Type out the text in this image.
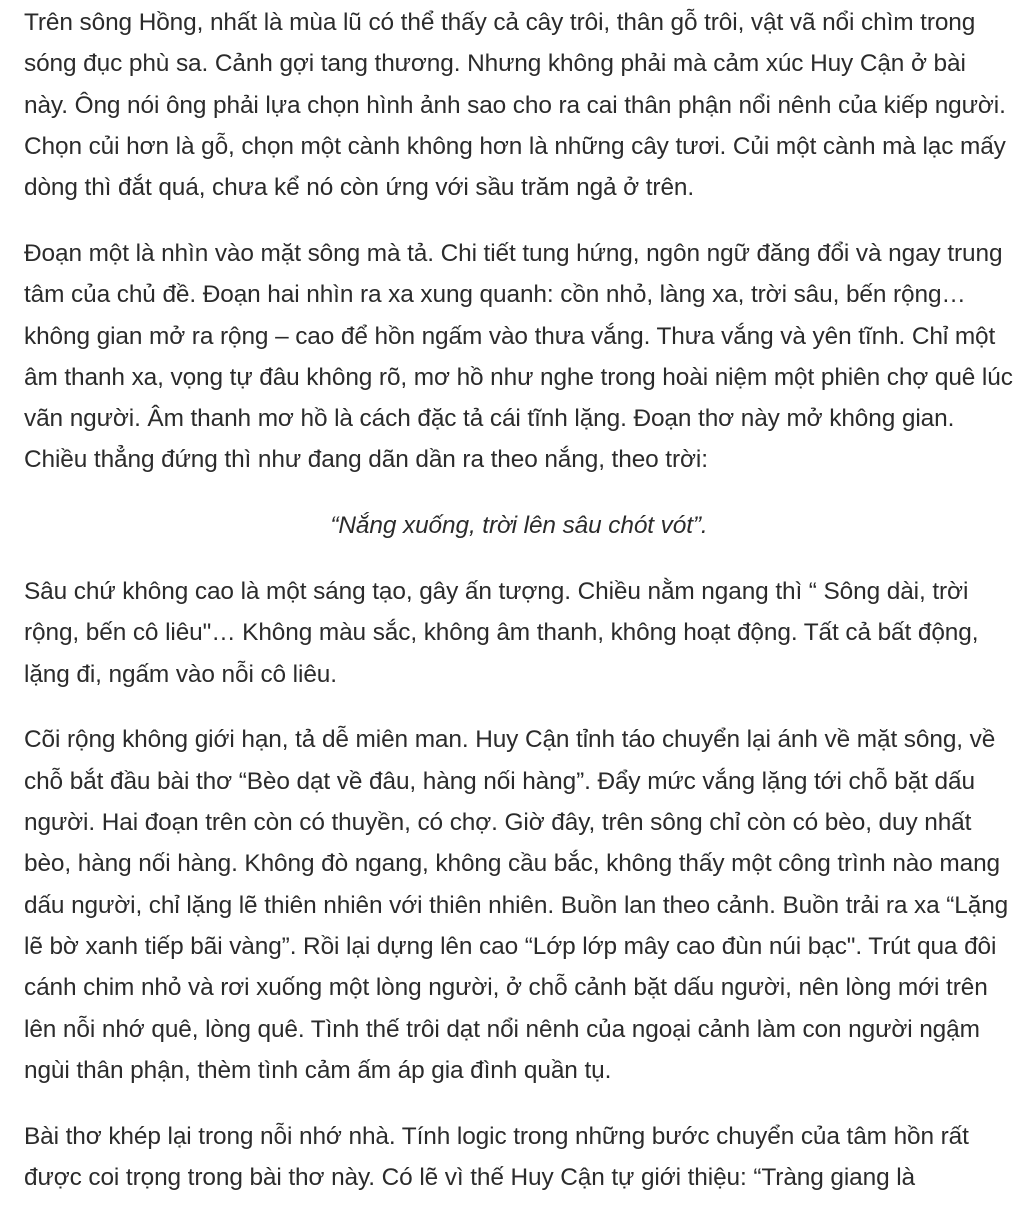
Trên sông Hồng, nhất là mùa lũ có thể thấy cả cây trôi, thân gỗ trôi, vật vã nổi chìm trong sóng đục phù sa. Cảnh gợi tang thương. Nhưng không phải mà cảm xúc Huy Cận ở bài này. Ông nói ông phải lựa chọn hình ảnh sao cho ra cai thân phận nổi nênh của kiếp người. Chọn củi hơn là gỗ, chọn một cành không hơn là những cây tươi. Củi một cành mà lạc mấy dòng thì đắt quá, chưa kể nó còn ứng với sầu trăm ngả ở trên.

Đoạn một là nhìn vào mặt sông mà tả. Chi tiết tung hứng, ngôn ngữ đăng đổi và ngay trung tâm của chủ đề. Đoạn hai nhìn ra xa xung quanh: cồn nhỏ, làng xa, trời sâu, bến rộng… không gian mở ra rộng – cao để hồn ngấm vào thưa vắng. Thưa vắng và yên tĩnh. Chỉ một âm thanh xa, vọng tự đâu không rõ, mơ hồ như nghe trong hoài niệm một phiên chợ quê lúc vãn người. Âm thanh mơ hồ là cách đặc tả cái tĩnh lặng. Đoạn thơ này mở không gian. Chiều thẳng đứng thì như đang dãn dần ra theo nắng, theo trời:

“Nắng xuống, trời lên sâu chót vót”.

Sâu chứ không cao là một sáng tạo, gây ấn tượng. Chiều nằm ngang thì “ Sông dài, trời rộng, bến cô liêu"… Không màu sắc, không âm thanh, không hoạt động. Tất cả bất động, lặng đi, ngấm vào nỗi cô liêu.

Cõi rộng không giới hạn, tả dễ miên man. Huy Cận tỉnh táo chuyển lại ánh về mặt sông, về chỗ bắt đầu bài thơ “Bèo dạt về đâu, hàng nối hàng”. Đẩy mức vắng lặng tới chỗ bặt dấu người. Hai đoạn trên còn có thuyền, có chợ. Giờ đây, trên sông chỉ còn có bèo, duy nhất bèo, hàng nối hàng. Không đò ngang, không cầu bắc, không thấy một công trình nào mang dấu người, chỉ lặng lẽ thiên nhiên với thiên nhiên. Buồn lan theo cảnh. Buồn trải ra xa “Lặng lẽ bờ xanh tiếp bãi vàng”. Rồi lại dựng lên cao “Lớp lớp mây cao đùn núi bạc". Trút qua đôi cánh chim nhỏ và rơi xuống một lòng người, ở chỗ cảnh bặt dấu người, nên lòng mới trên lên nỗi nhớ quê, lòng quê. Tình thế trôi dạt nổi nênh của ngoại cảnh làm con người ngậm ngùi thân phận, thèm tình cảm ấm áp gia đình quần tụ.

Bài thơ khép lại trong nỗi nhớ nhà. Tính logic trong những bước chuyển của tâm hồn rất được coi trọng trong bài thơ này. Có lẽ vì thế Huy Cận tự giới thiệu: “Tràng giang là
